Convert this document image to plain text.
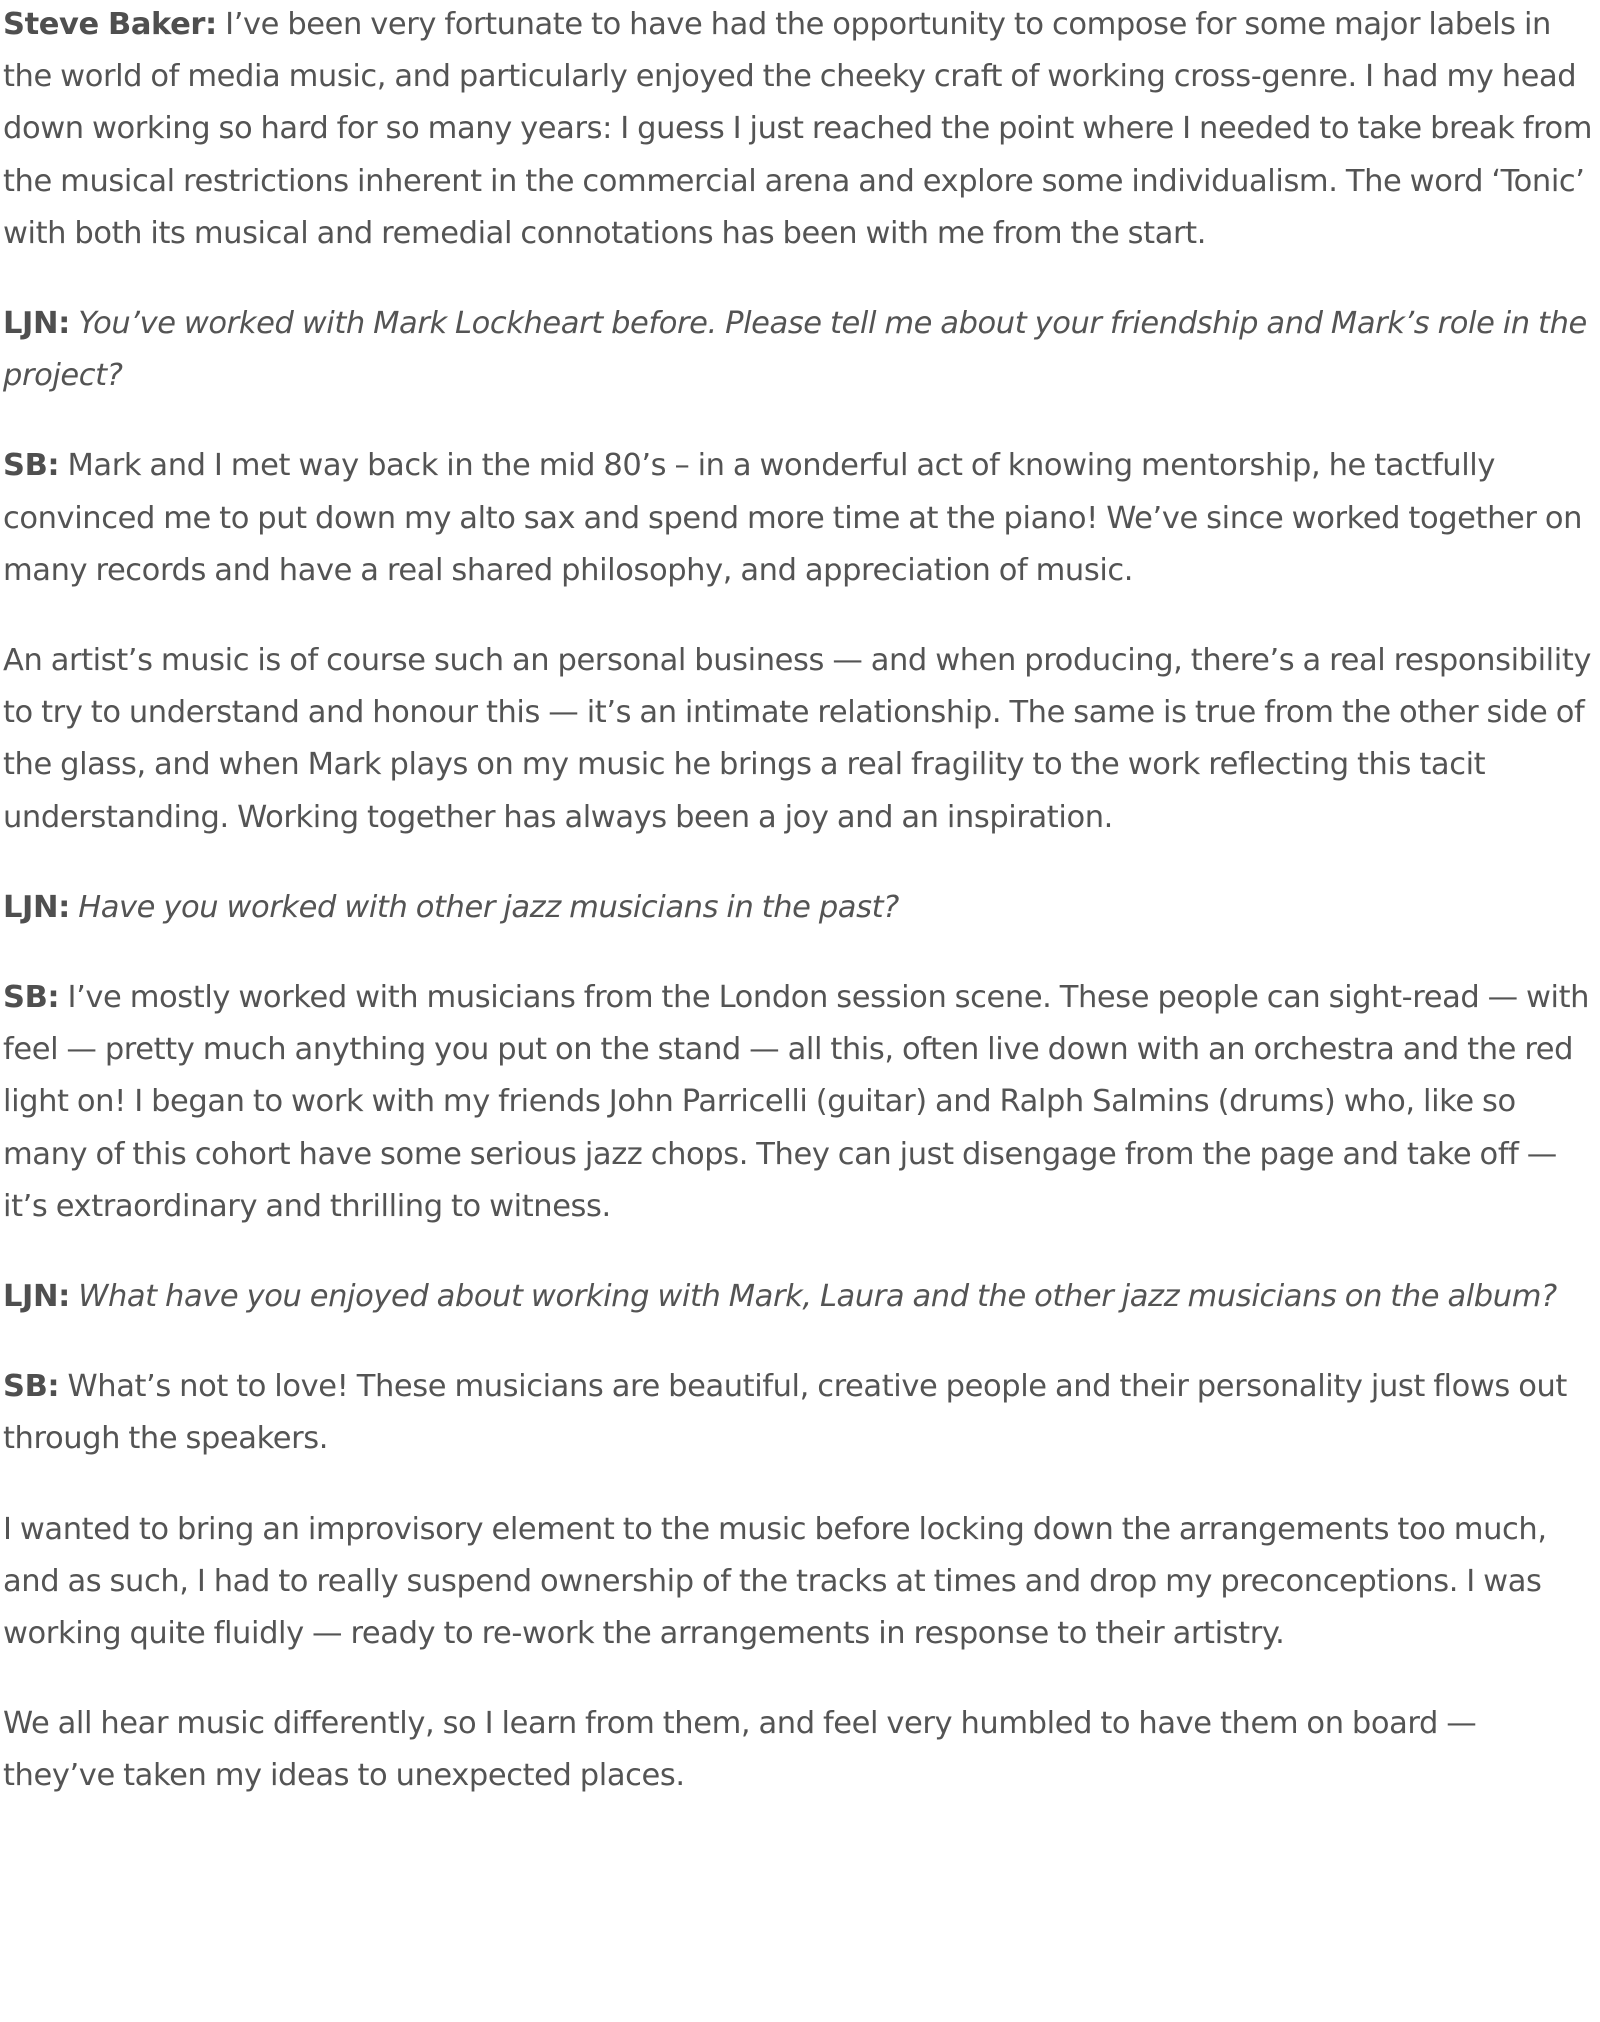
Steve Baker: I’ve been very fortunate to have had the opportunity to compose for some major labels in the world of media music, and particularly enjoyed the cheeky craft of working cross-genre. I had my head down working so hard for so many years: I guess I just reached the point where I needed to take break from the musical restrictions inherent in the commercial arena and explore some individualism. The word ‘Tonic’ with both its musical and remedial connotations has been with me from the start.

LJN: You’ve worked with Mark Lockheart before. Please tell me about your friendship and Mark’s role in the project?

SB: Mark and I met way back in the mid 80’s – in a wonderful act of knowing mentorship, he tactfully convinced me to put down my alto sax and spend more time at the piano! We’ve since worked together on many records and have a real shared philosophy, and appreciation of music.

An artist’s music is of course such an personal business — and when producing, there’s a real responsibility to try to understand and honour this — it’s an intimate relationship. The same is true from the other side of the glass, and when Mark plays on my music he brings a real fragility to the work reflecting this tacit understanding. Working together has always been a joy and an inspiration.

LJN: Have you worked with other jazz musicians in the past?

SB: I’ve mostly worked with musicians from the London session scene. These people can sight-read — with feel — pretty much anything you put on the stand — all this, often live down with an orchestra and the red light on! I began to work with my friends John Parricelli (guitar) and Ralph Salmins (drums) who, like so many of this cohort have some serious jazz chops. They can just disengage from the page and take off — it’s extraordinary and thrilling to witness.

LJN: What have you enjoyed about working with Mark, Laura and the other jazz musicians on the album?

SB: What’s not to love! These musicians are beautiful, creative people and their personality just flows out through the speakers.

I wanted to bring an improvisory element to the music before locking down the arrangements too much, and as such, I had to really suspend ownership of the tracks at times and drop my preconceptions. I was working quite fluidly — ready to re-work the arrangements in response to their artistry.

We all hear music differently, so I learn from them, and feel very humbled to have them on board — they’ve taken my ideas to unexpected places.
